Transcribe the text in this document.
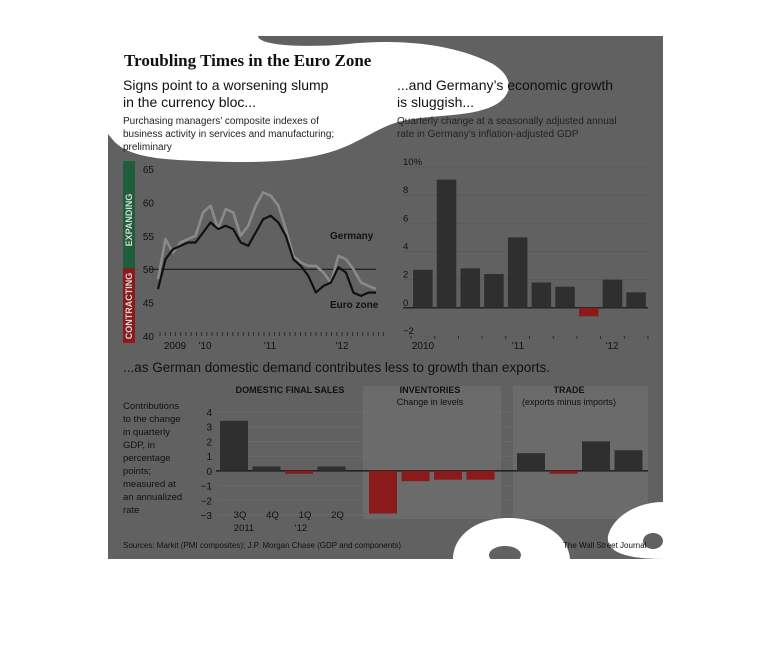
EXPANDING
CONTRACTING 40
45
50
55
60
65
2009 '10	'11	'12
Germany
Euro zone
−2
0
2
4
6
8
10%
2010	'11	'12
−3
−2
−1
0
1
2
3
4
DOMESTIC FINAL SALES	INVENTORIES
Change in levels
TRADE
(exports minus imports)
3Q 4Q 1Q 2Q
2011	'12
Troubling Times in the Euro Zone
Signs point to a worsening slump
in the currency bloc...
Purchasing managers’ composite indexes of
business activity in services and manufacturing;
preliminary
...and Germany’s economic growth
is sluggish...
Quarterly change at a seasonally adjusted annual
rate in Germany’s inflation-adjusted GDP
...as German domestic demand contributes less to growth than exports.
Contributions
to the change
in quarterly
GDP, in
percentage
points;
measured at
an annualized
rate
Sources: Markit (PMI composites); J.P. Morgan Chase (GDP and components)	The Wall Street Journal
